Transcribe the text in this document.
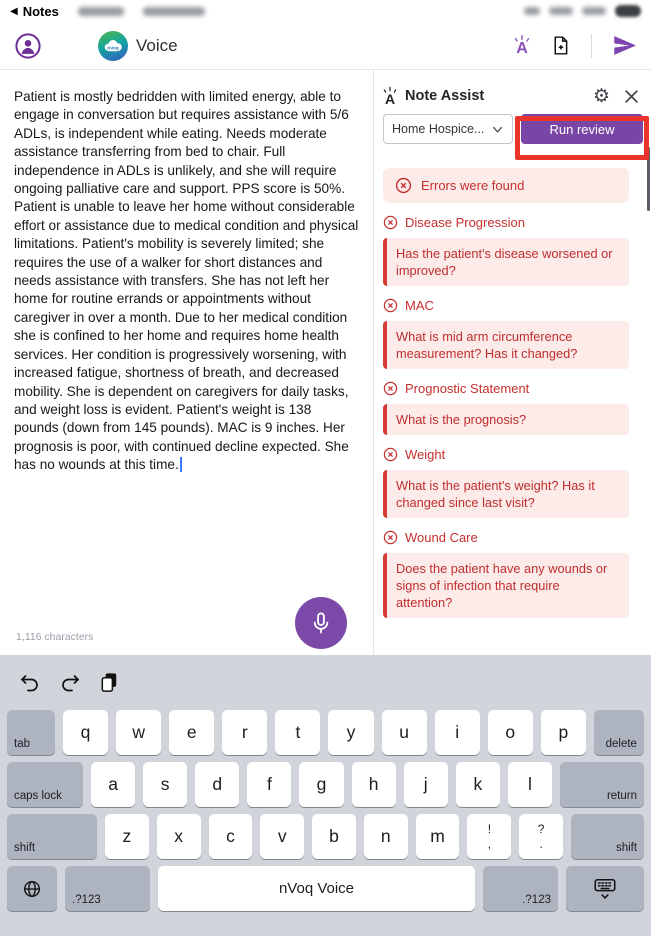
◀ Notes
nVoq Voice	A
Patient is mostly bedridden with limited energy, able to engage in conversation but requires assistance with 5/6 ADLs, is independent while eating. Needs moderate assistance transferring from bed to chair. Full independence in ADLs is unlikely, and she will require ongoing palliative care and support. PPS score is 50%. Patient is unable to leave her home without considerable effort or assistance due to medical condition and physical limitations. Patient's mobility is severely limited; she requires the use of a walker for short distances and needs assistance with transfers. She has not left her home for routine errands or appointments without caregiver in over a month. Due to her medical condition she is confined to her home and requires home health services. Her condition is progressively worsening, with increased fatigue, shortness of breath, and decreased mobility. She is dependent on caregivers for daily tasks, and weight loss is evident. Patient's weight is 138 pounds (down from 145 pounds). MAC is 9 inches. Her prognosis is poor, with continued decline expected. She has no wounds at this time.
1,116 characters
A Note Assist	⚙
Home Hospice...	Run review
Errors were found
Disease Progression
Has the patient's disease worsened or improved?
MAC
What is mid arm circumference measurement? Has it changed?
Prognostic Statement
What is the prognosis?
Weight
What is the patient's weight? Has it changed since last visit?
Wound Care
Does the patient have any wounds or signs of infection that require attention?
tab
q	w	e	r	t	y	u	i	o	p
delete
caps lock
a	s	d	f	g	h	j	k	l
return
shift
z	x	c	v	b	n	m	!
,
?
.	shift
.?123
nVoq Voice
.?123
